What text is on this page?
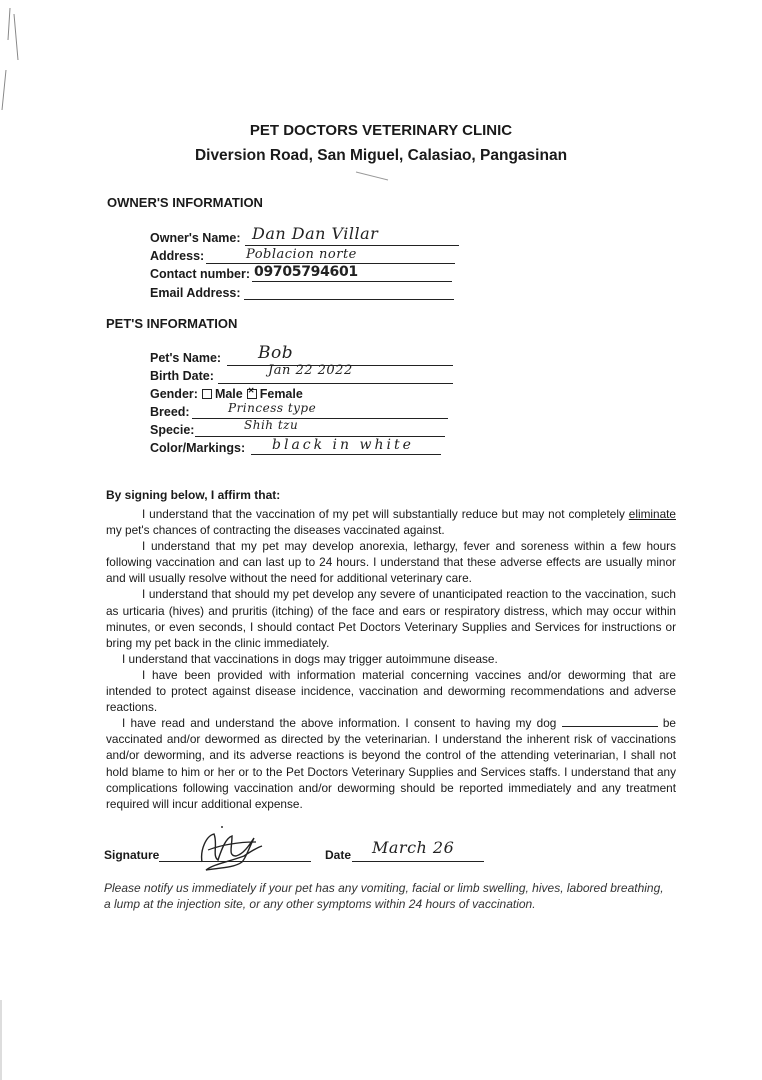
PET DOCTORS VETERINARY CLINIC
Diversion Road, San Miguel, Calasiao, Pangasinan
OWNER'S INFORMATION
Owner's Name: Dan Dan Villar
Address:	Poblacion norte
Contact number: 09705794601
Email Address:
PET'S INFORMATION
Pet's Name: Bob
Birth Date:	Jan 22 2022
Gender: Male✕ Female
Breed:	Princess type
Specie:	Shih tzu
Color/Markings: black in white
By signing below, I affirm that:

I understand that the vaccination of my pet will substantially reduce but may not completely eliminate my pet's chances of contracting the diseases vaccinated against.

I understand that my pet may develop anorexia, lethargy, fever and soreness within a few hours following vaccination and can last up to 24 hours. I understand that these adverse effects are usually minor and will usually resolve without the need for additional veterinary care.

I understand that should my pet develop any severe of unanticipated reaction to the vaccination, such as urticaria (hives) and pruritis (itching) of the face and ears or respiratory distress, which may occur within minutes, or even seconds, I should contact Pet Doctors Veterinary Supplies and Services for instructions or bring my pet back in the clinic immediately.

I understand that vaccinations in dogs may trigger autoimmune disease.

I have been provided with information material concerning vaccines and/or deworming that are intended to protect against disease incidence, vaccination and deworming recommendations and adverse reactions.

I have read and understand the above information. I consent to having my dog	be vaccinated and/or dewormed as directed by the veterinarian. I understand the inherent risk of vaccinations and/or deworming, and its adverse reactions is beyond the control of the attending veterinarian, I shall not hold blame to him or her or to the Pet Doctors Veterinary Supplies and Services staffs. I understand that any complications following vaccination and/or deworming should be reported immediately and any treatment required will incur additional expense.

Signature	Date March 26
Please notify us immediately if your pet has any vomiting, facial or limb swelling, hives, labored breathing, a lump at the injection site, or any other symptoms within 24 hours of vaccination.
